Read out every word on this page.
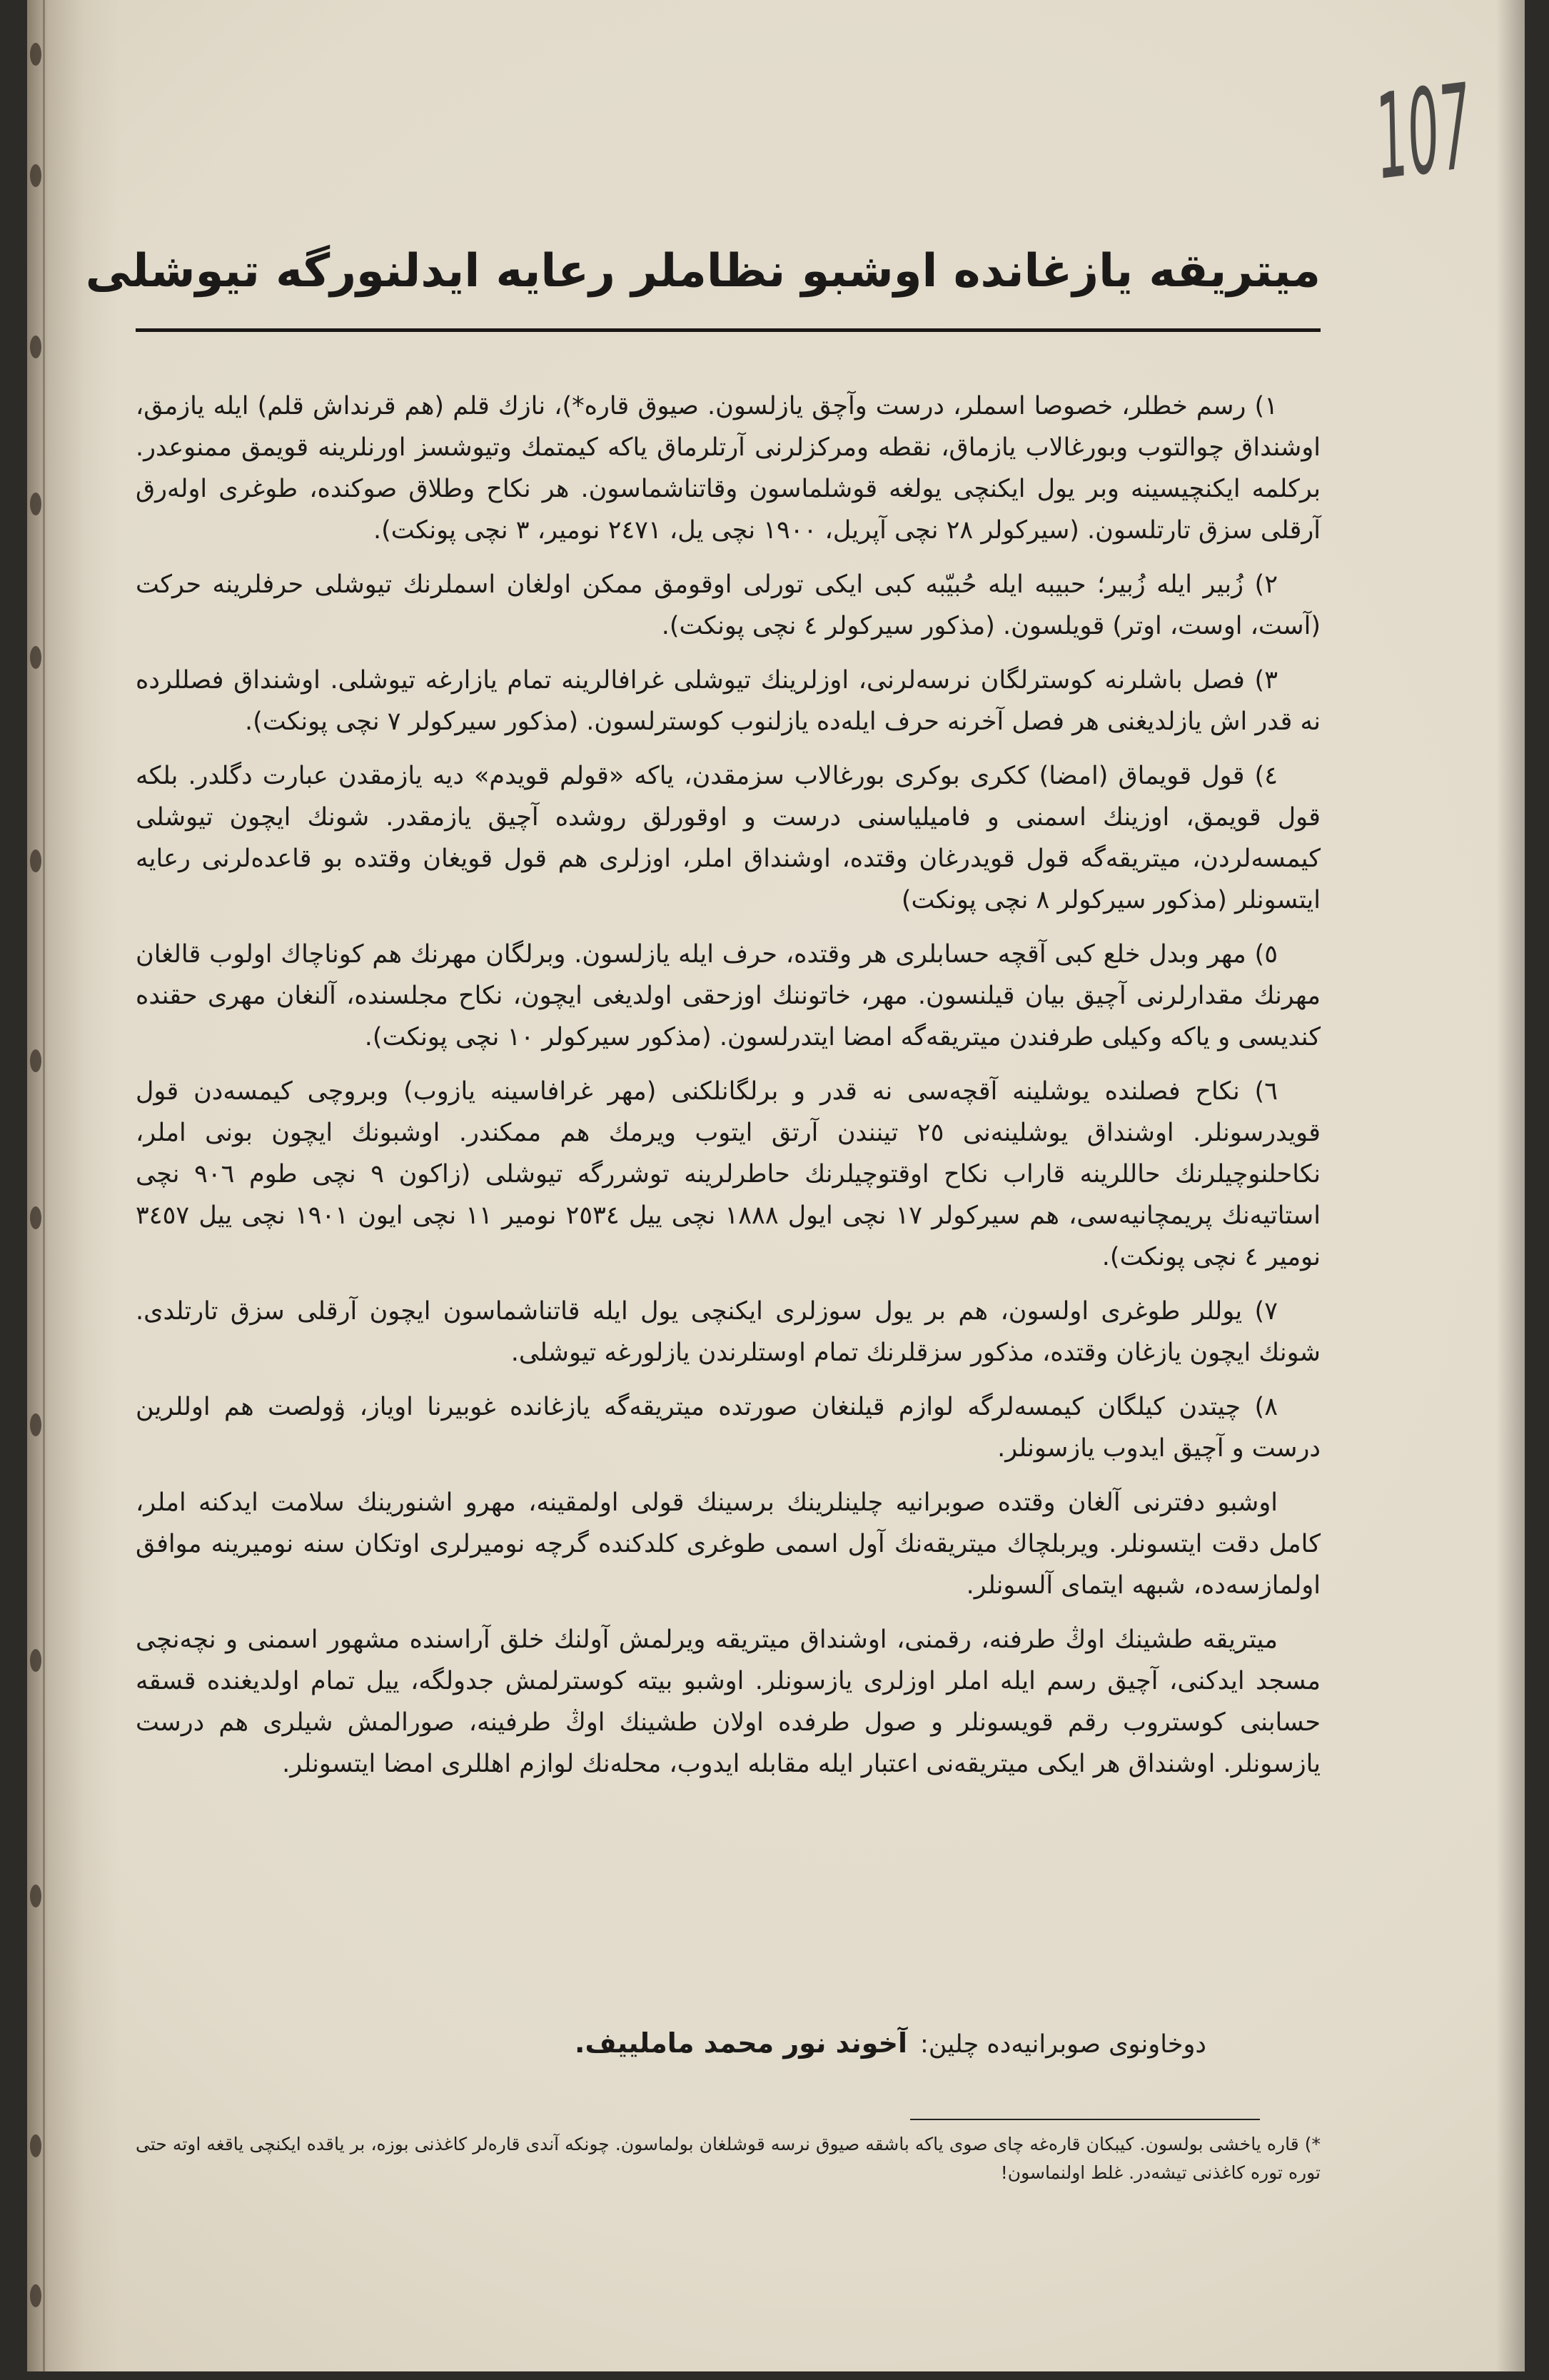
107
میتریقه یازغانده اوشبو نظاملر رعایه ایدلنورگه تیوشلی

١) رسم خطلر، خصوصا اسملر، درست وآچق یازلسون. صیوق قاره*)، نازك قلم (هم قرنداش قلم) ایله یازمق، اوشنداق چوالتوب وبورغالاب یازماق، نقطه ومرکزلرنی آرتلرماق یاکه کیمتمك وتیوشسز اورنلرینه قویمق ممنوعدر. برکلمه ایکنچیسینه وبر یول ایکنچی یولغه قوشلماسون وقاتناشماسون. هر نکاح وطلاق صوکنده، طوغری اوله‌رق آرقلی سزق تارتلسون. (سیرکولر ٢٨ نچی آپریل، ١٩٠٠ نچی یل، ٢٤٧١ نومیر، ٣ نچی پونکت).

٢) زُبیر ایله زُبیر؛ حبیبه ایله حُبیّبه کبی ایکی تورلی اوقومق ممکن اولغان اسملرنك تیوشلی حرفلرینه حرکت (آست، اوست، اوتر) قویلسون. (مذکور سیرکولر ٤ نچی پونکت).

٣) فصل باشلرنه کوسترلگان نرسه‌لرنی، اوزلرینك تیوشلی غرافالرینه تمام یازارغه تیوشلی. اوشنداق فصللرده نه قدر اش یازلدیغنی هر فصل آخرنه حرف ایله‌ده یازلنوب کوسترلسون. (مذکور سیرکولر ٧ نچی پونکت).

٤) قول قویماق (امضا) ککری بوکری بورغالاب سزمقدن، یاکه «قولم قویدم» دیه یازمقدن عبارت دگلدر. بلکه قول قویمق، اوزینك اسمنی و فامیلیاسنی درست و اوقورلق روشده آچیق یازمقدر. شونك ایچون تیوشلی کیمسه‌لردن، میتریقه‌گه قول قویدرغان وقتده، اوشنداق املر، اوزلری هم قول قویغان وقتده بو قاعده‌لرنی رعایه ایتسونلر (مذکور سیرکولر ٨ نچی پونکت)

٥) مهر وبدل خلع کبی آقچه حسابلری هر وقتده، حرف ایله یازلسون. وبرلگان مهرنك هم کوناچاك اولوب قالغان مهرنك مقدارلرنی آچیق بیان قیلنسون. مهر، خاتوننك اوزحقی اولدیغی ایچون، نکاح مجلسنده، آلنغان مهری حقنده کندیسی و یاکه وکیلی طرفندن میتریقه‌گه امضا ایتدرلسون. (مذکور سیرکولر ١٠ نچی پونکت).

٦) نکاح فصلنده یوشلینه آقچه‌سی نه قدر و برلگانلکنی (مهر غرافاسینه یازوب) وبروچی کیمسه‌دن قول قویدرسونلر. اوشنداق یوشلینه‌نی ٢٥ تینندن آرتق ایتوب ویرمك هم ممکندر. اوشبونك ایچون بونی املر، نکاحلنوچیلرنك حاللرینه قاراب نکاح اوقتوچیلرنك حاطرلرینه توشررگه تیوشلی (زاکون ٩ نچی طوم ٩٠٦ نچی استاتیه‌نك پریمچانیه‌سی، هم سیرکولر ١٧ نچی ایول ١٨٨٨ نچی ییل ٢٥٣٤ نومیر ١١ نچی ایون ١٩٠١ نچی ییل ٣٤٥٧ نومیر ٤ نچی پونکت).

٧) یوللر طوغری اولسون، هم بر یول سوزلری ایکنچی یول ایله قاتناشماسون ایچون آرقلی سزق تارتلدی. شونك ایچون یازغان وقتده، مذکور سزقلرنك تمام اوستلرندن یازلورغه تیوشلی.

٨) چیتدن کیلگان کیمسه‌لرگه لوازم قیلنغان صورتده میتریقه‌گه یازغانده غوبیرنا اویاز، ۋولصت هم اوللرین درست و آچیق ایدوب یازسونلر.

اوشبو دفترنی آلغان وقتده صوبرانیه چلینلرینك برسینك قولی اولمقینه، مهرو اشنورینك سلامت ایدکنه املر، کامل دقت ایتسونلر. ویربلچاك میتریقه‌نك آول اسمی طوغری کلدکنده گرچه نومیرلری اوتکان سنه نومیرینه موافق اولمازسه‌ده، شبهه ایتمای آلسونلر.

میتریقه طشینك اوڭ طرفنه، رقمنی، اوشنداق میتریقه ویرلمش آولنك خلق آراسنده مشهور اسمنی و نچه‌نچی مسجد ایدکنی، آچیق رسم ایله املر اوزلری یازسونلر. اوشبو بیته کوسترلمش جدولگه، ییل تمام اولدیغنده قسقه حسابنی کوستروب رقم قویسونلر و صول طرفده اولان طشینك اوڭ طرفینه، صورالمش شیلری هم درست یازسونلر. اوشنداق هر ایکی میتریقه‌نی اعتبار ایله مقابله ایدوب، محله‌نك لوازم اهللری امضا ایتسونلر.

دوخاونوی صوبرانیه‌ده چلین:آخوند نور محمد ماملییف.
*) قاره یاخشی بولسون. کیبکان قاره‌غه چای صوی یاکه باشقه صیوق نرسه قوشلغان بولماسون. چونکه آندی قاره‌لر کاغذنی بوزه، بر یاقده ایکنچی یاقغه اوته حتی توره توره کاغذنی تیشه‌در. غلط اولنماسون!
